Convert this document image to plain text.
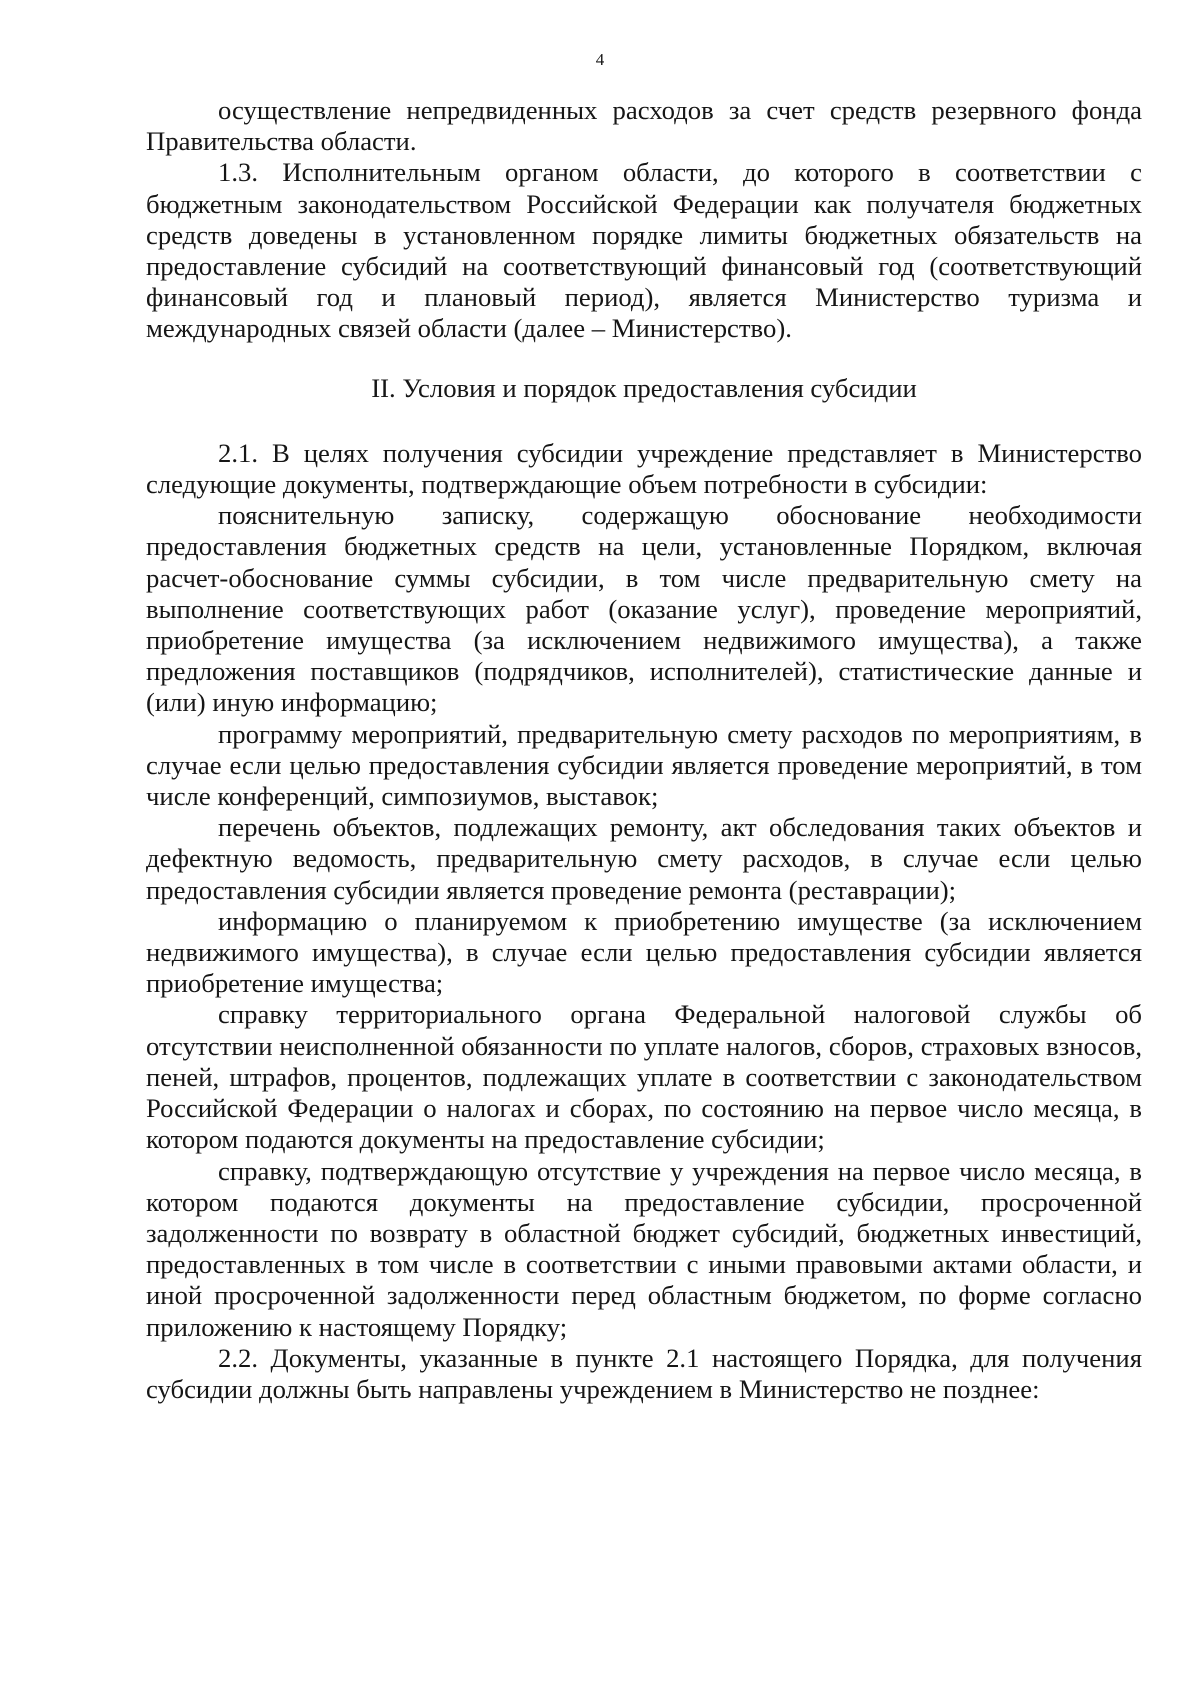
4

осуществление непредвиденных расходов за счет средств резервного фонда Правительства области.

1.3. Исполнительным органом области, до которого в соответствии с бюджетным законодательством Российской Федерации как получателя бюджетных средств доведены в установленном порядке лимиты бюджетных обязательств на предоставление субсидий на соответствующий финансовый год (соответствующий финансовый год и плановый период), является Министерство туризма и международных связей области (далее – Министерство).

II. Условия и порядок предоставления субсидии

2.1. В целях получения субсидии учреждение представляет в Министерство следующие документы, подтверждающие объем потребности в субсидии:

пояснительную записку, содержащую обоснование необходимости предоставления бюджетных средств на цели, установленные Порядком, включая расчет-обоснование суммы субсидии, в том числе предварительную смету на выполнение соответствующих работ (оказание услуг), проведение мероприятий, приобретение имущества (за исключением недвижимого имущества), а также предложения поставщиков (подрядчиков, исполнителей), статистические данные и (или) иную информацию;

программу мероприятий, предварительную смету расходов по мероприятиям, в случае если целью предоставления субсидии является проведение мероприятий, в том числе конференций, симпозиумов, выставок;

перечень объектов, подлежащих ремонту, акт обследования таких объектов и дефектную ведомость, предварительную смету расходов, в случае если целью предоставления субсидии является проведение ремонта (реставрации);

информацию о планируемом к приобретению имуществе (за исключением недвижимого имущества), в случае если целью предоставления субсидии является приобретение имущества;

справку территориального органа Федеральной налоговой службы об отсутствии неисполненной обязанности по уплате налогов, сборов, страховых взносов, пеней, штрафов, процентов, подлежащих уплате в соответствии с законодательством Российской Федерации о налогах и сборах, по состоянию на первое число месяца, в котором подаются документы на предоставление субсидии;

справку, подтверждающую отсутствие у учреждения на первое число месяца, в котором подаются документы на предоставление субсидии, просроченной задолженности по возврату в областной бюджет субсидий, бюджетных инвестиций, предоставленных в том числе в соответствии с иными правовыми актами области, и иной просроченной задолженности перед областным бюджетом, по форме согласно приложению к настоящему Порядку;

2.2. Документы, указанные в пункте 2.1 настоящего Порядка, для получения субсидии должны быть направлены учреждением в Министерство не позднее:
